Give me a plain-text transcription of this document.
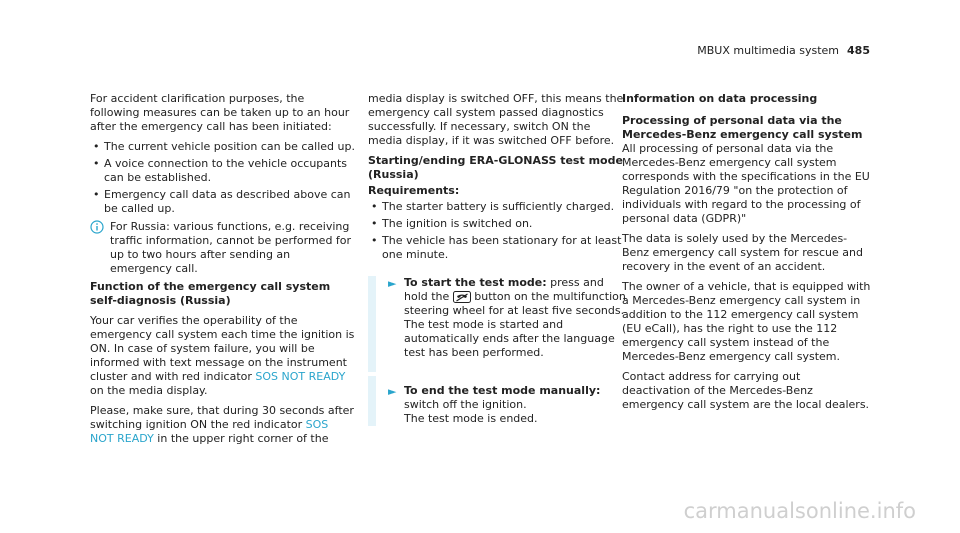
MBUX multimedia system 485

For accident clarification purposes, the following measures can be taken up to an hour after the emergency call has been initiated:

• The current vehicle position can be called up.
• A voice connection to the vehicle occupants can be established.
• Emergency call data as described above can be called up.
For Russia: various functions, e.g. receiving traffic information, cannot be performed for up to two hours after sending an emergency call.

Function of the emergency call system self-diagnosis (Russia)

Your car verifies the operability of the emergency call system each time the ignition is ON. In case of system failure, you will be informed with text message on the instrument cluster and with red indicator SOS NOT READY on the media display.

Please, make sure, that during 30 seconds after switching ignition ON the red indicator SOS NOT READY in the upper right corner of the

media display is switched OFF, this means the emergency call system passed diagnostics successfully. If necessary, switch ON the media display, if it was switched OFF before.

Starting/ending ERA-GLONASS test mode (Russia)

Requirements:

• The starter battery is sufficiently charged.
• The ignition is switched on.
• The vehicle has been stationary for at least one minute.
► To start the test mode: press and hold the  button on the multifunction steering wheel for at least five seconds.
The test mode is started and automatically ends after the language test has been performed.
► To end the test mode manually: switch off the ignition.
The test mode is ended.

Information on data processing

Processing of personal data via the Mercedes-Benz emergency call system

All processing of personal data via the Mercedes-Benz emergency call system corresponds with the specifications in the EU Regulation 2016/79 "on the protection of individuals with regard to the processing of personal data (GDPR)"

The data is solely used by the Mercedes-Benz emergency call system for rescue and recovery in the event of an accident.

The owner of a vehicle, that is equipped with a Mercedes-Benz emergency call system in addition to the 112 emergency call system (EU eCall), has the right to use the 112 emergency call system instead of the Mercedes-Benz emergency call system.

Contact address for carrying out deactivation of the Mercedes-Benz emergency call system are the local dealers.

carmanualsonline.info
